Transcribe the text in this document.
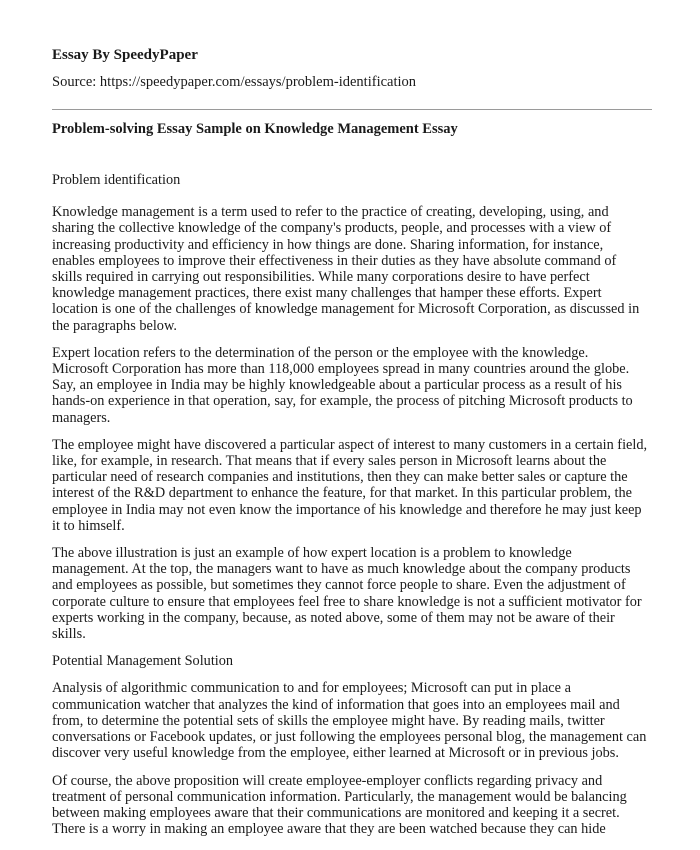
Essay By SpeedyPaper
Source: https://speedypaper.com/essays/problem-identification
Problem-solving Essay Sample on Knowledge Management Essay

Problem identification

Knowledge management is a term used to refer to the practice of creating, developing, using, and sharing the collective knowledge of the company's products, people, and processes with a view of increasing productivity and efficiency in how things are done. Sharing information, for instance, enables employees to improve their effectiveness in their duties as they have absolute command of skills required in carrying out responsibilities. While many corporations desire to have perfect knowledge management practices, there exist many challenges that hamper these efforts. Expert location is one of the challenges of knowledge management for Microsoft Corporation, as discussed in the paragraphs below.

Expert location refers to the determination of the person or the employee with the knowledge. Microsoft Corporation has more than 118,000 employees spread in many countries around the globe. Say, an employee in India may be highly knowledgeable about a particular process as a result of his hands-on experience in that operation, say, for example, the process of pitching Microsoft products to managers.

The employee might have discovered a particular aspect of interest to many customers in a certain field, like, for example, in research. That means that if every sales person in Microsoft learns about the particular need of research companies and institutions, then they can make better sales or capture the interest of the R&D department to enhance the feature, for that market. In this particular problem, the employee in India may not even know the importance of his knowledge and therefore he may just keep it to himself.

The above illustration is just an example of how expert location is a problem to knowledge management. At the top, the managers want to have as much knowledge about the company products and employees as possible, but sometimes they cannot force people to share. Even the adjustment of corporate culture to ensure that employees feel free to share knowledge is not a sufficient motivator for experts working in the company, because, as noted above, some of them may not be aware of their skills.

Potential Management Solution

Analysis of algorithmic communication to and for employees; Microsoft can put in place a communication watcher that analyzes the kind of information that goes into an employees mail and from, to determine the potential sets of skills the employee might have. By reading mails, twitter conversations or Facebook updates, or just following the employees personal blog, the management can discover very useful knowledge from the employee, either learned at Microsoft or in previous jobs.

Of course, the above proposition will create employee-employer conflicts regarding privacy and treatment of personal communication information. Particularly, the management would be balancing between making employees aware that their communications are monitored and keeping it a secret. There is a worry in making an employee aware that they are been watched because they can hide
